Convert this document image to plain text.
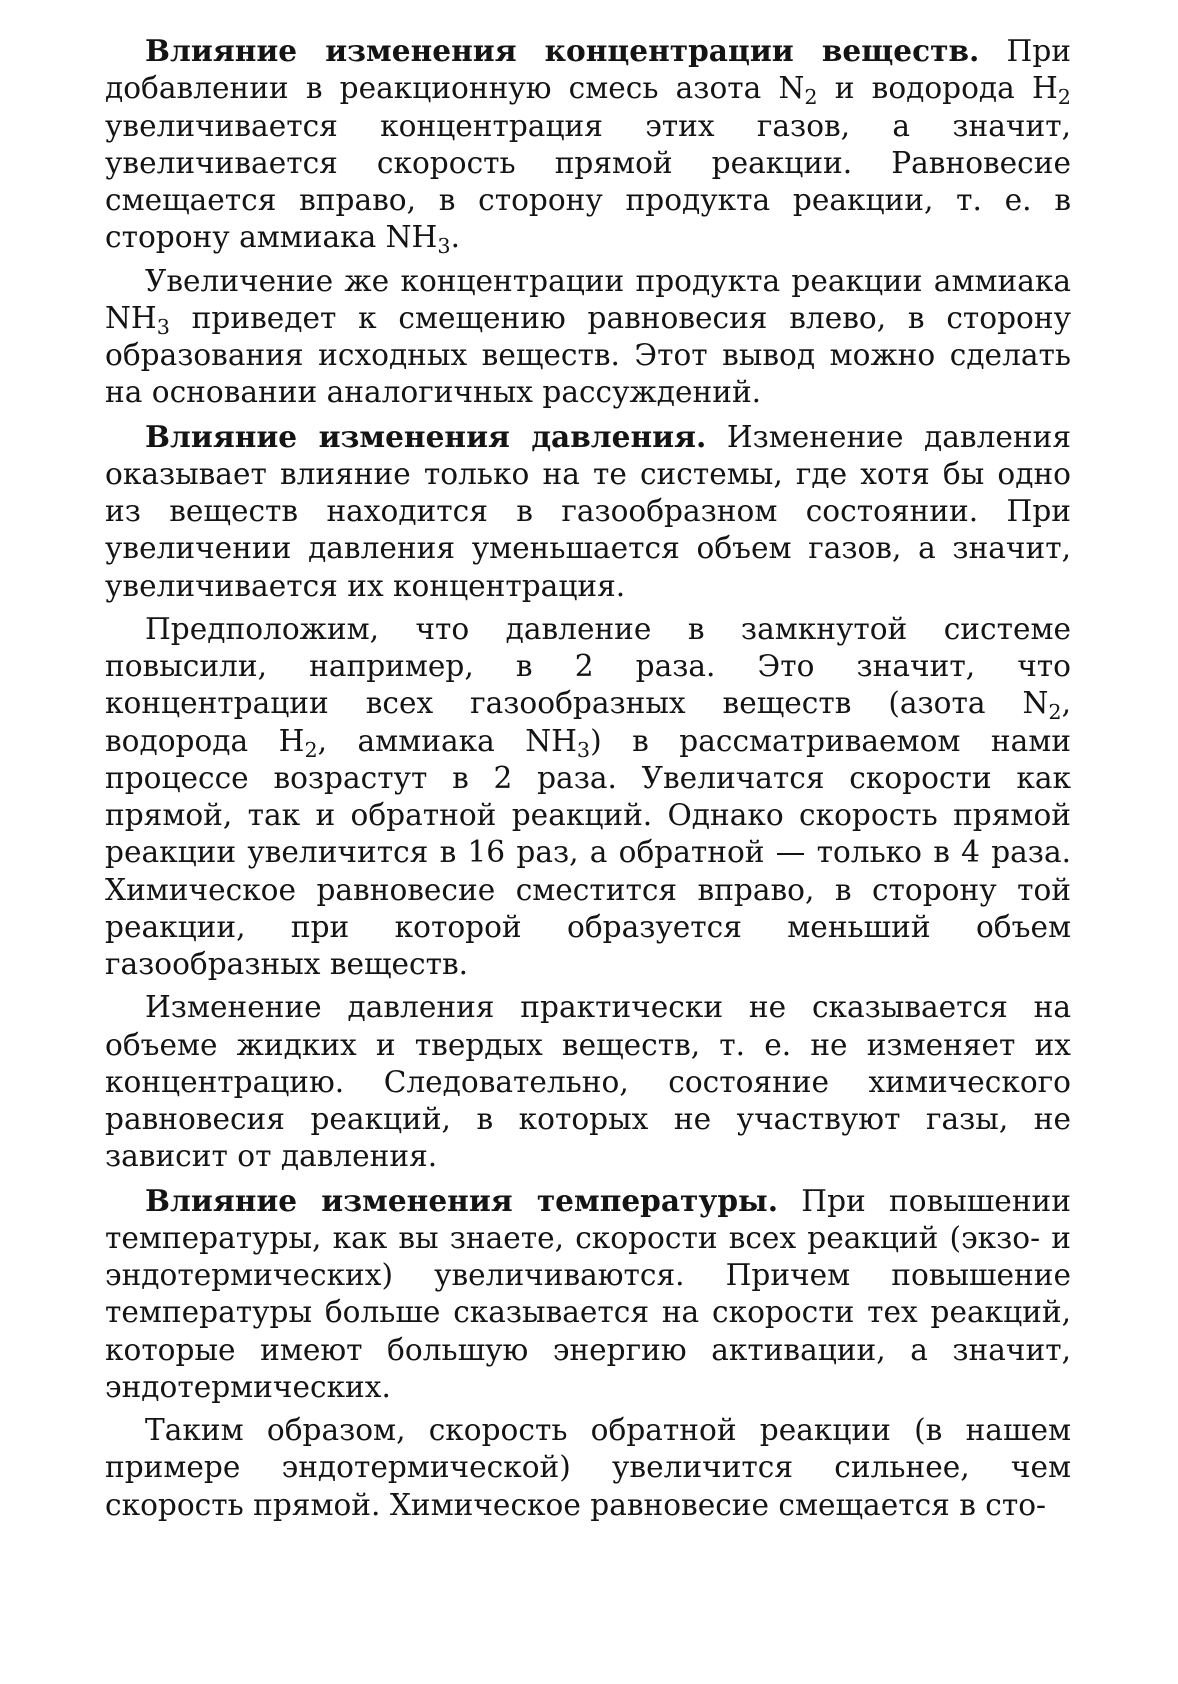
Влияние изменения концентрации веществ. При добавлении в реакционную смесь азота $N_2$ и водорода $H_2$ увеличивается концентрация этих газов, а значит, увеличивается скорость прямой реакции. Равновесие смещается вправо, в сторону продукта реакции, т. е. в сторону аммиака $NH_3$.

Увеличение же концентрации продукта реакции аммиака $NH_3$ приведет к смещению равновесия влево, в сторону образования исходных веществ. Этот вывод можно сделать на основании аналогичных рассуждений.

Влияние изменения давления. Изменение давления оказывает влияние только на те системы, где хотя бы одно из веществ находится в газообразном состоянии. При увеличении давления уменьшается объем газов, а значит, увеличивается их концентрация.

Предположим, что давление в замкнутой системе повысили, например, в 2 раза. Это значит, что концентрации всех газообразных веществ (азота $N_2$, водорода $H_2$, аммиака $NH_3$) в рассматриваемом нами процессе возрастут в 2 раза. Увеличатся скорости как прямой, так и обратной реакций. Однако скорость прямой реакции увеличится в 16 раз, а обратной — только в 4 раза. Химическое равновесие сместится вправо, в сторону той реакции, при которой образуется меньший объем газообразных веществ.

Изменение давления практически не сказывается на объеме жидких и твердых веществ, т. е. не изменяет их концентрацию. Следовательно, состояние химического равновесия реакций, в которых не участвуют газы, не зависит от давления.

Влияние изменения температуры. При повышении температуры, как вы знаете, скорости всех реакций (экзо- и эндотермических) увеличиваются. Причем повышение температуры больше сказывается на скорости тех реакций, которые имеют большую энергию активации, а значит, эндотермических.

Таким образом, скорость обратной реакции (в нашем примере эндотермической) увеличится сильнее, чем скорость прямой. Химическое равновесие смещается в сто-
